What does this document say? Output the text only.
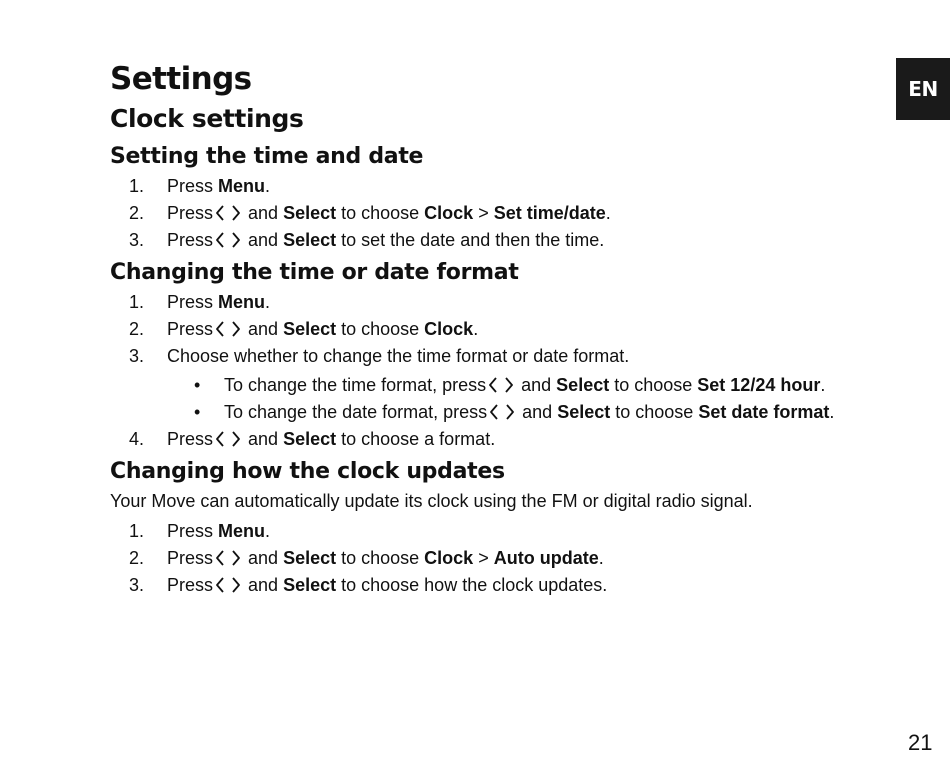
EN
Settings
Clock settings
Setting the time and date
1. Press Menu.
2. Press
and Select to choose Clock > Set time/date.
3. Press
and Select to set the date and then the time.
Changing the time or date format
1. Press Menu.
2. Press
and Select to choose Clock.
3. Choose whether to change the time format or date format.
• To change the time format, press
and Select to choose Set 12/24 hour.
• To change the date format, press
and Select to choose Set date format.
4. Press
and Select to choose a format.
Changing how the clock updates

Your Move can automatically update its clock using the FM or digital radio signal.

1. Press Menu.
2. Press
and Select to choose Clock > Auto update.
3. Press
and Select to choose how the clock updates.
21
